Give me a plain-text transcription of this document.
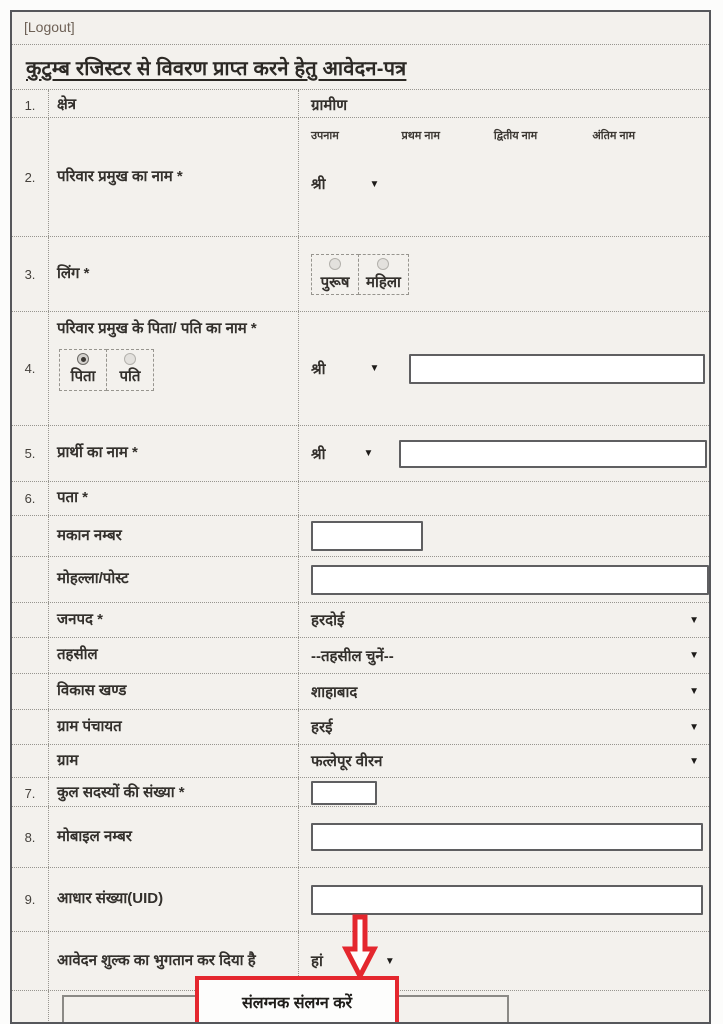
[Logout]
कुटुम्ब रजिस्टर से विवरण प्राप्त करने हेतु आवेदन-पत्र
1.	क्षेत्र	ग्रामीण
2.	परिवार प्रमुख का नाम *
उपनाम	प्रथम नाम	द्वितीय नाम	अंतिम नाम
श्री	▼
3.	लिंग *
पुरूष महिला
4.
परिवार प्रमुख के पिता/ पति का नाम *
पिता पति	श्री	▼
5.	प्रार्थी का नाम *	श्री	▼
6.	पता *
मकान नम्बर
मोहल्ला/पोस्ट
जनपद *	हरदोई	▼
तहसील	--तहसील चुनें--	▼
विकास खण्ड	शाहाबाद	▼
ग्राम पंचायत	हरई	▼
ग्राम	फत्लेपूर वीरन	▼
7.	कुल सदस्यों की संख्या *
8.	मोबाइल नम्बर
9.	आधार संख्या(UID)
आवेदन शुल्क का भुगतान कर दिया है	हां	▼
संलग्नक संलग्न करें
